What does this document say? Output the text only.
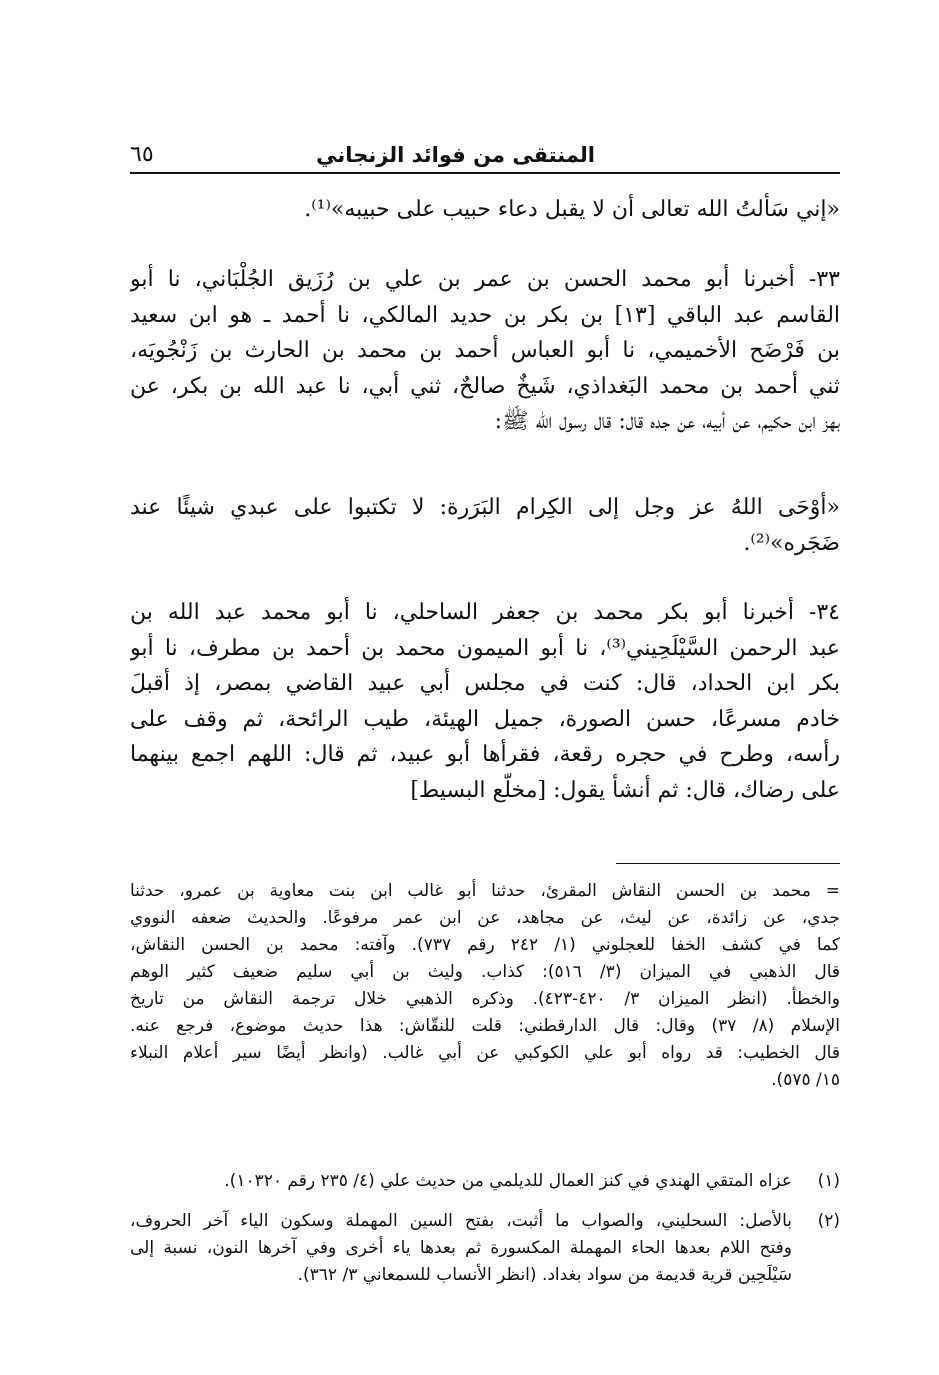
٦٥	المنتقى من فوائد الزنجاني
«إني سَألتُ الله تعالى أن لا يقبل دعاء حبيب على حبيبه»⁽¹⁾.
٣٣- أخبرنا أبو محمد الحسن بن عمر بن علي بن رُزَيق الجُلْبَاني، نا أبو
القاسم عبد الباقي [١٣] بن بكر بن حديد المالكي، نا أحمد ـ هو ابن سعيد
بن فَرْضَح الأخميمي، نا أبو العباس أحمد بن محمد بن الحارث بن زَنْجُويَه،
ثني أحمد بن محمد البَغداذي، شَيخٌ صالحٌ، ثني أبي، نا عبد الله بن بكر، عن
بهز ابن حكيم، عن أبيه، عن جده قال: قال رسول الله ﷺ:
«أوْحَى اللهُ عز وجل إلى الكِرام البَرَرة: لا تكتبوا على عبدي شيئًا عند
ضَجَره»⁽²⁾.
٣٤- أخبرنا أبو بكر محمد بن جعفر الساحلي، نا أبو محمد عبد الله بن
عبد الرحمن السَّيْلَحِيني⁽³⁾، نا أبو الميمون محمد بن أحمد بن مطرف، نا أبو
بكر ابن الحداد، قال: كنت في مجلس أبي عبيد القاضي بمصر، إذ أقبلَ
خادم مسرعًا، حسن الصورة، جميل الهيئة، طيب الرائحة، ثم وقف على
رأسه، وطرح في حجره رقعة، فقرأها أبو عبيد، ثم قال: اللهم اجمع بينهما
على رضاك، قال: ثم أنشأ يقول: [مخلّع البسيط]
= محمد بن الحسن النقاش المقرئ، حدثنا أبو غالب ابن بنت معاوية بن عمرو، حدثنا
جدي، عن زائدة، عن ليث، عن مجاهد، عن ابن عمر مرفوعًا. والحديث ضعفه النووي
كما في كشف الخفا للعجلوني (١/ ٢٤٢ رقم ٧٣٧). وآفته: محمد بن الحسن النقاش،
قال الذهبي في الميزان (٣/ ٥١٦): كذاب. وليث بن أبي سليم ضعيف كثير الوهم
والخطأ. (انظر الميزان ٣/ ٤٢٠-٤٢٣). وذكره الذهبي خلال ترجمة النقاش من تاريخ
الإسلام (٨/ ٣٧) وقال: قال الدارقطني: قلت للنقّاش: هذا حديث موضوع، فرجع عنه.
قال الخطيب: قد رواه أبو علي الكوكبي عن أبي غالب. (وانظر أيضًا سير أعلام النبلاء
١٥/ ٥٧٥).
(١)
عزاه المتقي الهندي في كنز العمال للديلمي من حديث علي (٤/ ٢٣٥ رقم ١٠٣٢٠).
(٢)
بالأصل: السحليني، والصواب ما أثبت، بفتح السين المهملة وسكون الياء آخر الحروف،
وفتح اللام بعدها الحاء المهملة المكسورة ثم بعدها ياء أخرى وفي آخرها النون، نسبة إلى
سَيْلَحِين قرية قديمة من سواد بغداد. (انظر الأنساب للسمعاني ٣/ ٣٦٢).
